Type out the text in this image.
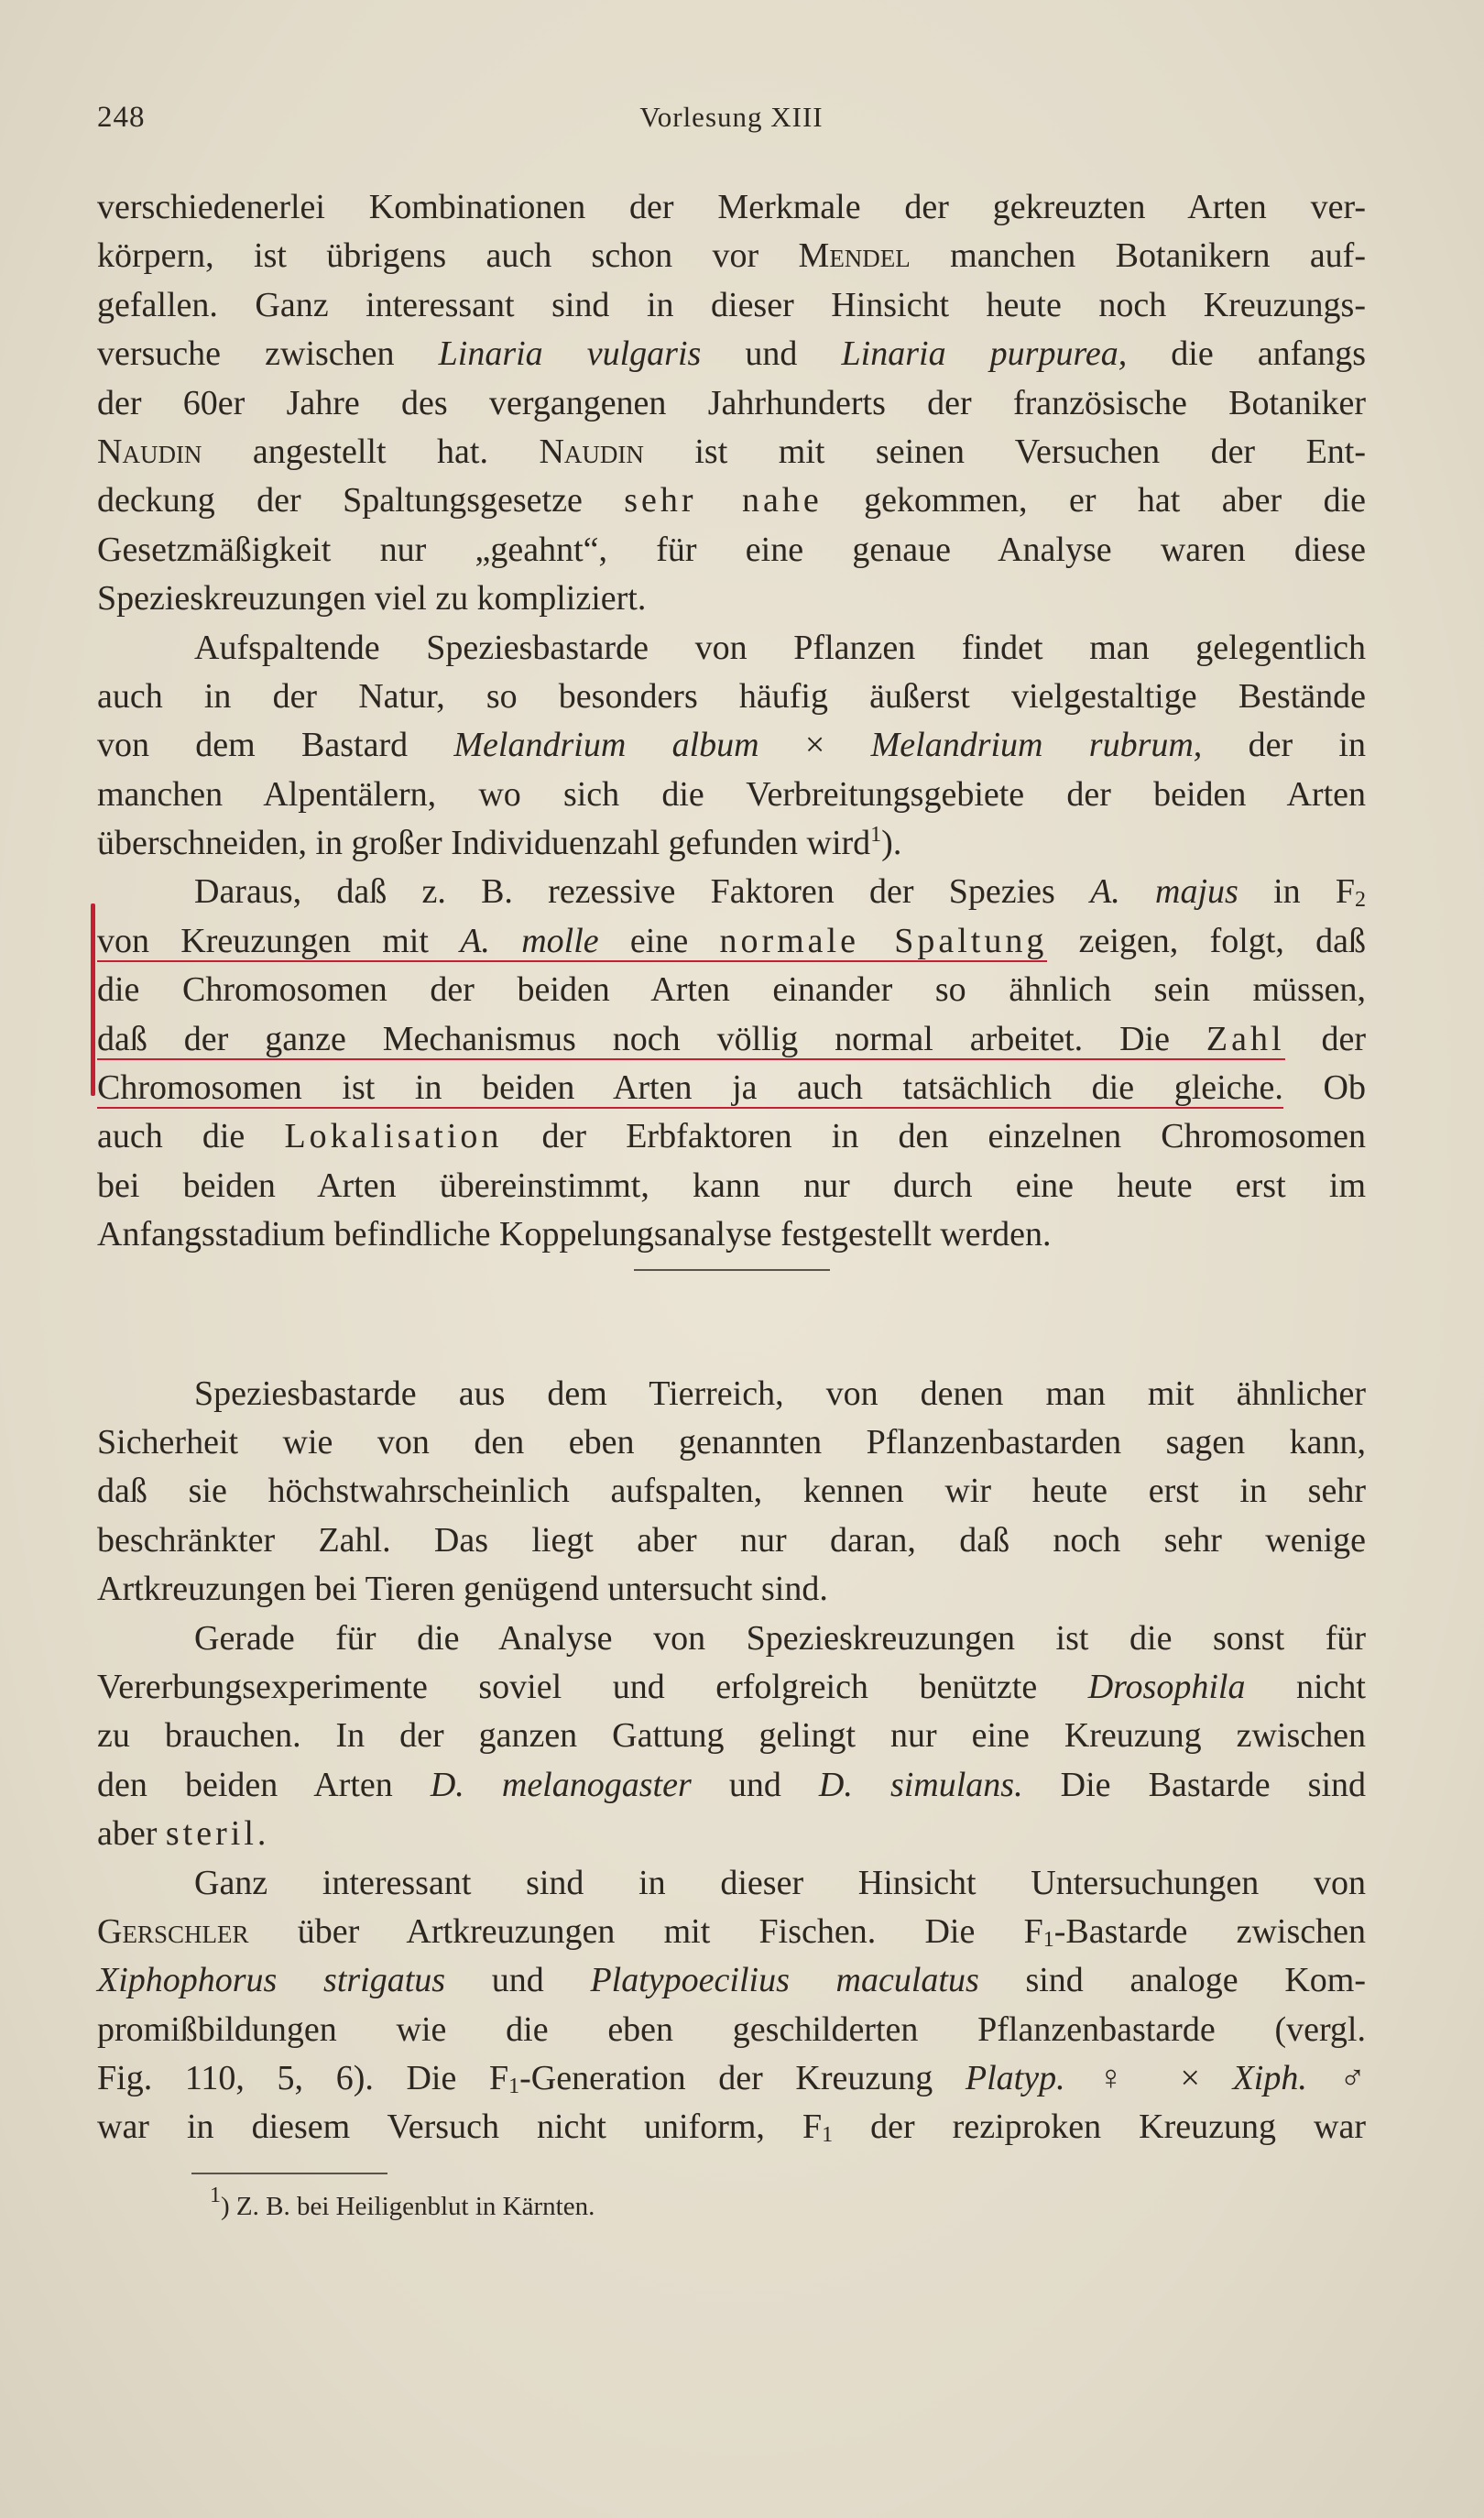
248	Vorlesung XIII
verschiedenerlei Kombinationen der Merkmale der gekreuzten Arten ver-
körpern, ist übrigens auch schon vor Mendel manchen Botanikern auf-
gefallen. Ganz interessant sind in dieser Hinsicht heute noch Kreuzungs-
versuche zwischen Linaria vulgaris und Linaria purpurea, die anfangs
der 60er Jahre des vergangenen Jahrhunderts der französische Botaniker
Naudin angestellt hat. Naudin ist mit seinen Versuchen der Ent-
deckung der Spaltungsgesetze sehr nahe gekommen, er hat aber die
Gesetzmäßigkeit nur „geahnt“, für eine genaue Analyse waren diese
Spezieskreuzungen viel zu kompliziert.
Aufspaltende Speziesbastarde von Pflanzen findet man gelegentlich
auch in der Natur, so besonders häufig äußerst vielgestaltige Bestände
von dem Bastard Melandrium album × Melandrium rubrum, der in
manchen Alpentälern, wo sich die Verbreitungsgebiete der beiden Arten
überschneiden, in großer Individuenzahl gefunden wird$^1$).
Daraus, daß z. B. rezessive Faktoren der Spezies A. majus in $F_2$
von Kreuzungen mit A. molle eine normale Spaltung zeigen, folgt, daß
die Chromosomen der beiden Arten einander so ähnlich sein müssen,
daß der ganze Mechanismus noch völlig normal arbeitet. Die Zahl der
Chromosomen ist in beiden Arten ja auch tatsächlich die gleiche. Ob
auch die Lokalisation der Erbfaktoren in den einzelnen Chromosomen
bei beiden Arten übereinstimmt, kann nur durch eine heute erst im
Anfangsstadium befindliche Koppelungsanalyse festgestellt werden.
Speziesbastarde aus dem Tierreich, von denen man mit ähnlicher
Sicherheit wie von den eben genannten Pflanzenbastarden sagen kann,
daß sie höchstwahrscheinlich aufspalten, kennen wir heute erst in sehr
beschränkter Zahl. Das liegt aber nur daran, daß noch sehr wenige
Artkreuzungen bei Tieren genügend untersucht sind.
Gerade für die Analyse von Spezieskreuzungen ist die sonst für
Vererbungsexperimente soviel und erfolgreich benützte Drosophila nicht
zu brauchen. In der ganzen Gattung gelingt nur eine Kreuzung zwischen
den beiden Arten D. melanogaster und D. simulans. Die Bastarde sind
aber steril.
Ganz interessant sind in dieser Hinsicht Untersuchungen von
Gerschler über Artkreuzungen mit Fischen. Die $F_1$-Bastarde zwischen
Xiphophorus strigatus und Platypoecilius maculatus sind analoge Kom-
promißbildungen wie die eben geschilderten Pflanzenbastarde (vergl.
Fig. 110, 5, 6). Die $F_1$-Generation der Kreuzung Platyp. ♀ × Xiph. ♂
war in diesem Versuch nicht uniform, $F_1$ der reziproken Kreuzung war
$^1$) Z. B. bei Heiligenblut in Kärnten.
